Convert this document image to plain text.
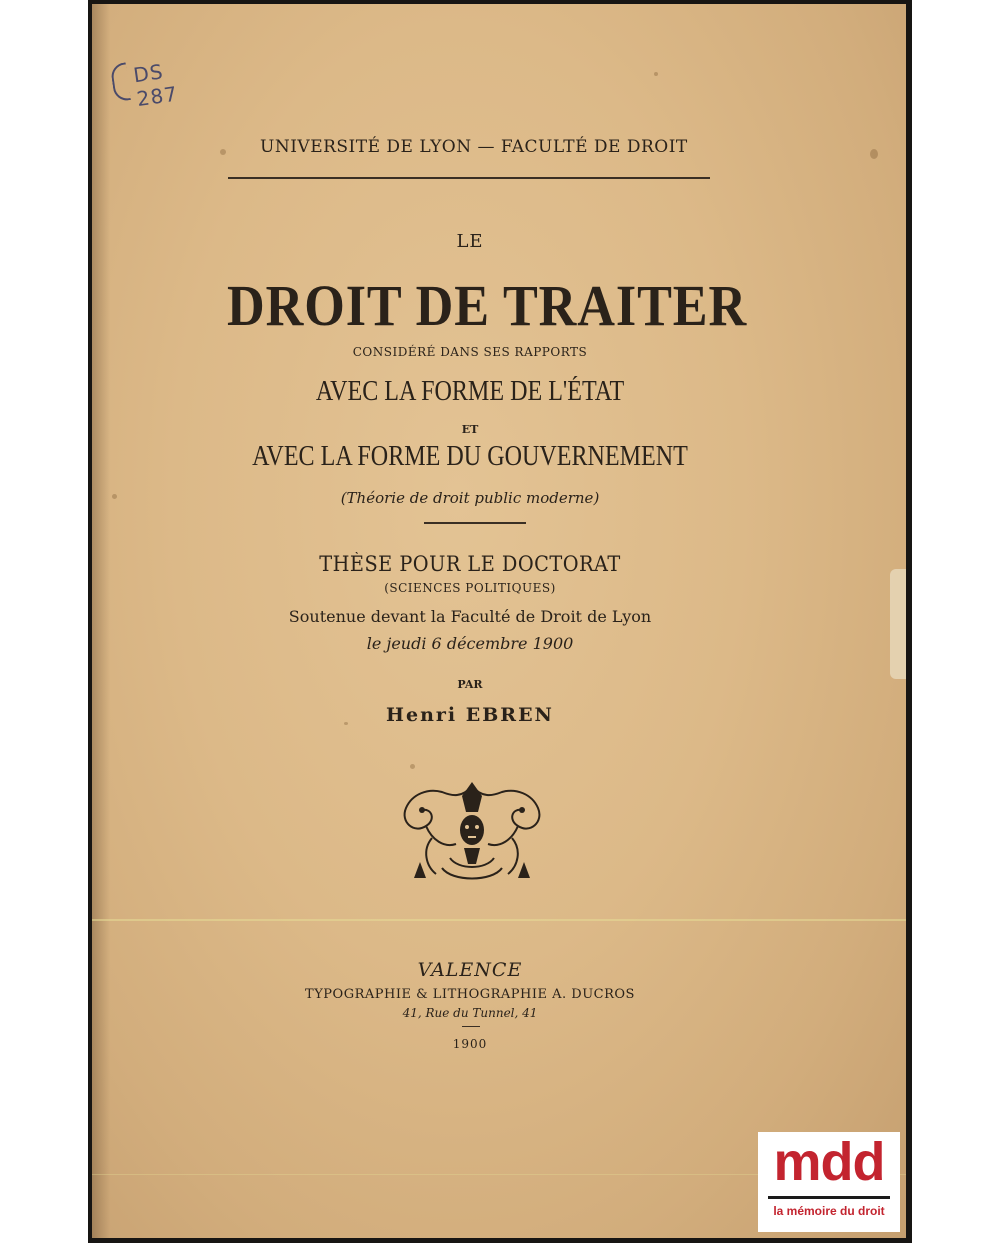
DS 287
UNIVERSITÉ DE LYON — FACULTÉ DE DROIT
LE
DROIT DE TRAITER
CONSIDÉRÉ DANS SES RAPPORTS
AVEC LA FORME DE L'ÉTAT
ET
AVEC LA FORME DU GOUVERNEMENT
(Théorie de droit public moderne)
THÈSE POUR LE DOCTORAT
(SCIENCES POLITIQUES)
Soutenue devant la Faculté de Droit de Lyon
le jeudi 6 décembre 1900
PAR
Henri EBREN
VALENCE
TYPOGRAPHIE & LITHOGRAPHIE A. DUCROS
41, Rue du Tunnel, 41
1900
mdd
la mémoire du droit
